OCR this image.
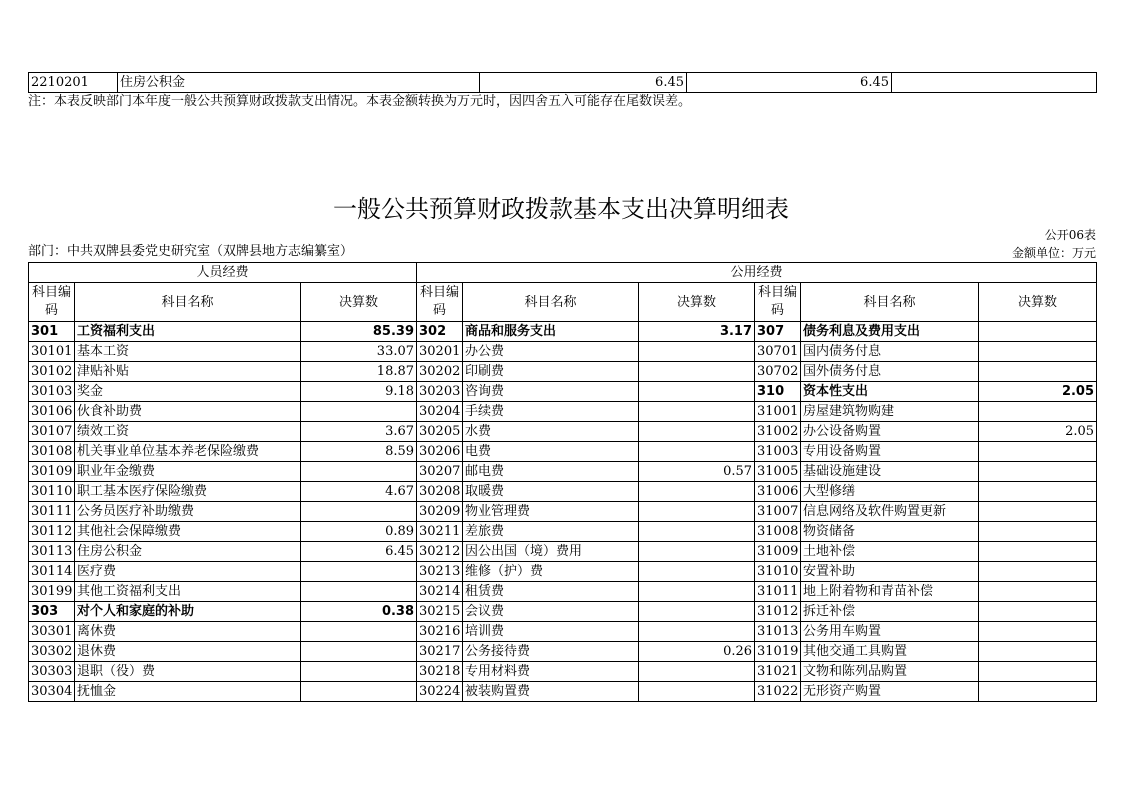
2210201	住房公积金	6.45	6.45	
注：本表反映部门本年度一般公共预算财政拨款支出情况。本表金额转换为万元时，因四舍五入可能存在尾数误差。
一般公共预算财政拨款基本支出决算明细表
公开06表
部门：中共双牌县委党史研究室（双牌县地方志编纂室）	金额单位：万元
人员经费			公用经费					
科目编码	科目名称	决算数	科目编码	科目名称	决算数	科目编码	科目名称	决算数
301	工资福利支出	85.39	302	商品和服务支出	3.17	307	债务利息及费用支出	
30101	基本工资	33.07	30201	办公费		30701	国内债务付息	
30102	津贴补贴	18.87	30202	印刷费		30702	国外债务付息	
30103	奖金	9.18	30203	咨询费		310	资本性支出	2.05
30106	伙食补助费		30204	手续费		31001	房屋建筑物购建	
30107	绩效工资	3.67	30205	水费		31002	办公设备购置	2.05
30108	机关事业单位基本养老保险缴费	8.59	30206	电费		31003	专用设备购置	
30109	职业年金缴费		30207	邮电费	0.57	31005	基础设施建设	
30110	职工基本医疗保险缴费	4.67	30208	取暖费		31006	大型修缮	
30111	公务员医疗补助缴费		30209	物业管理费		31007	信息网络及软件购置更新	
30112	其他社会保障缴费	0.89	30211	差旅费		31008	物资储备	
30113	住房公积金	6.45	30212	因公出国（境）费用		31009	土地补偿	
30114	医疗费		30213	维修（护）费		31010	安置补助	
30199	其他工资福利支出		30214	租赁费		31011	地上附着物和青苗补偿	
303	对个人和家庭的补助	0.38	30215	会议费		31012	拆迁补偿	
30301	离休费		30216	培训费		31013	公务用车购置	
30302	退休费		30217	公务接待费	0.26	31019	其他交通工具购置	
30303	退职（役）费		30218	专用材料费		31021	文物和陈列品购置	
30304	抚恤金		30224	被装购置费		31022	无形资产购置	
